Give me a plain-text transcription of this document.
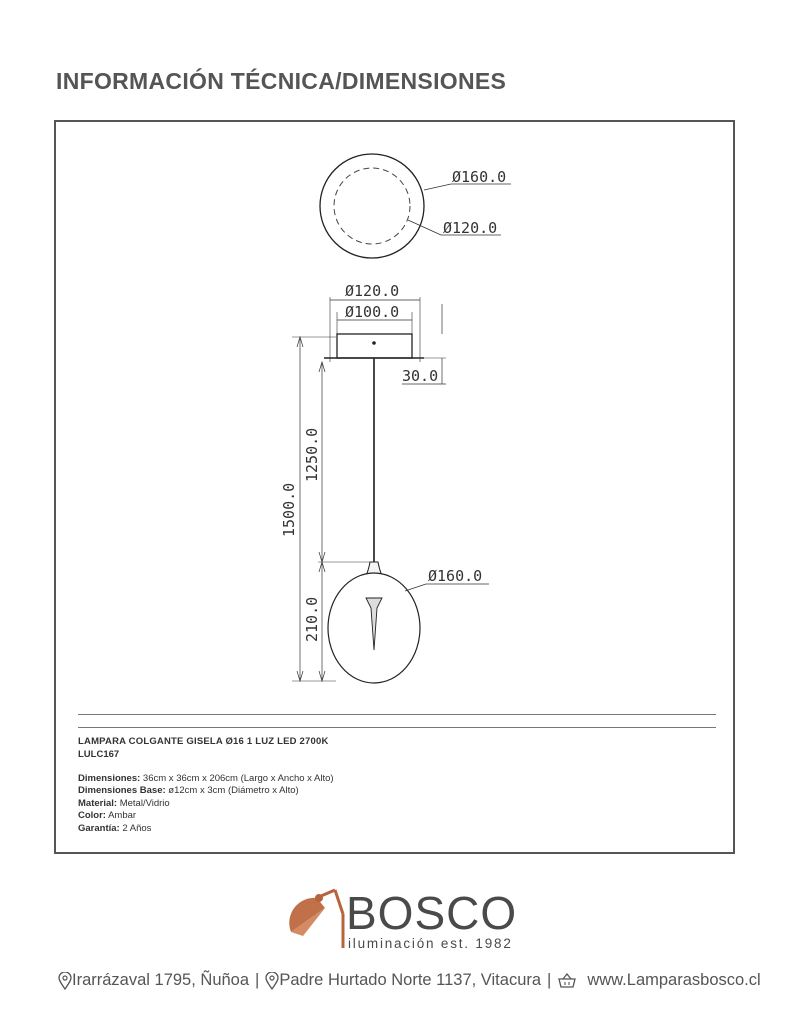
INFORMACIÓN TÉCNICA/DIMENSIONES
Ø160.0
Ø120.0
Ø120.0
Ø100.0
30.0
1500.0
1250.0
210.0
Ø160.0
LAMPARA COLGANTE GISELA Ø16 1 LUZ LED 2700K
LULC167
Dimensiones: 36cm x 36cm x 206cm (Largo x Ancho x Alto)
Dimensiones Base: ø12cm x 3cm (Diámetro x Alto)
Material: Metal/Vidrio
Color: Ambar
Garantía: 2 Años
BOSCO
iluminación est. 1982
Irarrázaval 1795, Ñuñoa | Padre Hurtado Norte 1137, Vitacura | www.Lamparasbosco.cl
